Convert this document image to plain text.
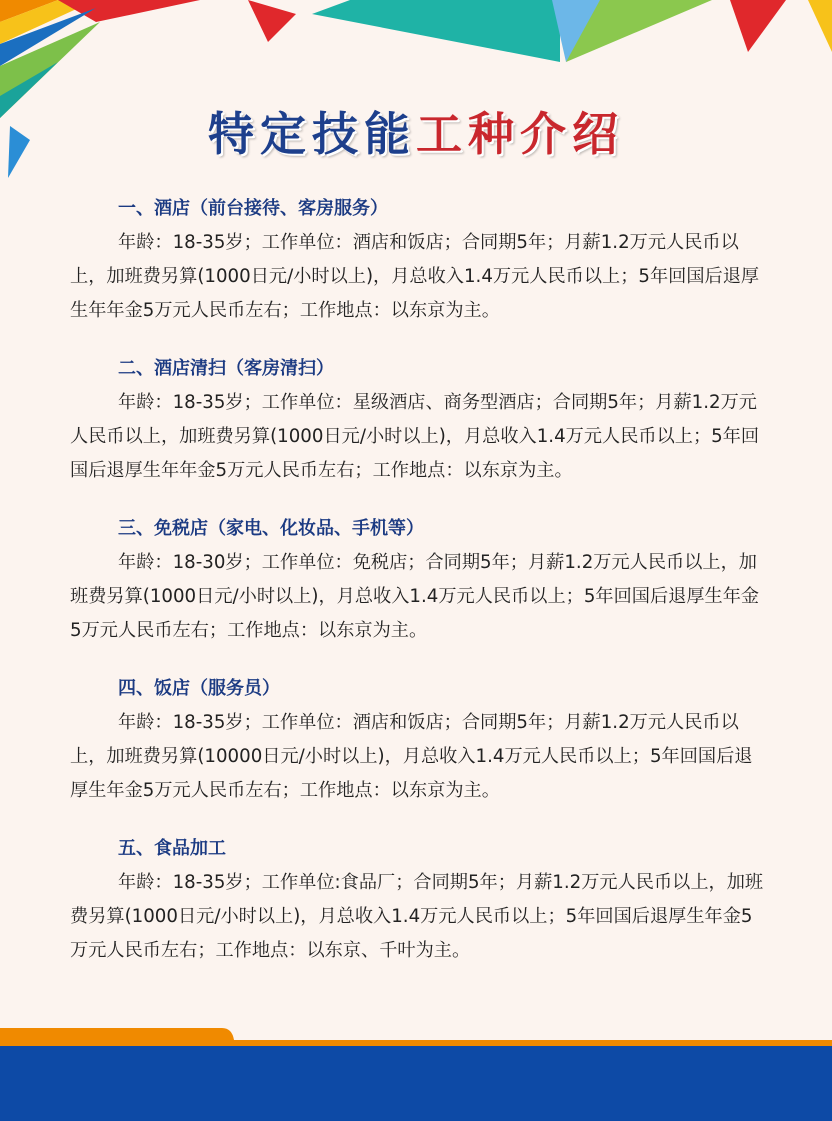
特定技能工种介绍
一、酒店（前台接待、客房服务）

年龄：18-35岁；工作单位：酒店和饭店；合同期5年；月薪1.2万元人民币以上，加班费另算(1000日元/小时以上)，月总收入1.4万元人民币以上；5年回国后退厚生年年金5万元人民币左右；工作地点：以东京为主。

二、酒店清扫（客房清扫）

年龄：18-35岁；工作单位：星级酒店、商务型酒店；合同期5年；月薪1.2万元人民币以上，加班费另算(1000日元/小时以上)，月总收入1.4万元人民币以上；5年回国后退厚生年年金5万元人民币左右；工作地点：以东京为主。

三、免税店（家电、化妆品、手机等）

年龄：18-30岁；工作单位：免税店；合同期5年；月薪1.2万元人民币以上，加班费另算(1000日元/小时以上)，月总收入1.4万元人民币以上；5年回国后退厚生年金5万元人民币左右；工作地点：以东京为主。

四、饭店（服务员）

年龄：18-35岁；工作单位：酒店和饭店；合同期5年；月薪1.2万元人民币以上，加班费另算(10000日元/小时以上)，月总收入1.4万元人民币以上；5年回国后退厚生年金5万元人民币左右；工作地点：以东京为主。

五、食品加工

年龄：18-35岁；工作单位:食品厂；合同期5年；月薪1.2万元人民币以上，加班费另算(1000日元/小时以上)，月总收入1.4万元人民币以上；5年回国后退厚生年金5万元人民币左右；工作地点：以东京、千叶为主。
